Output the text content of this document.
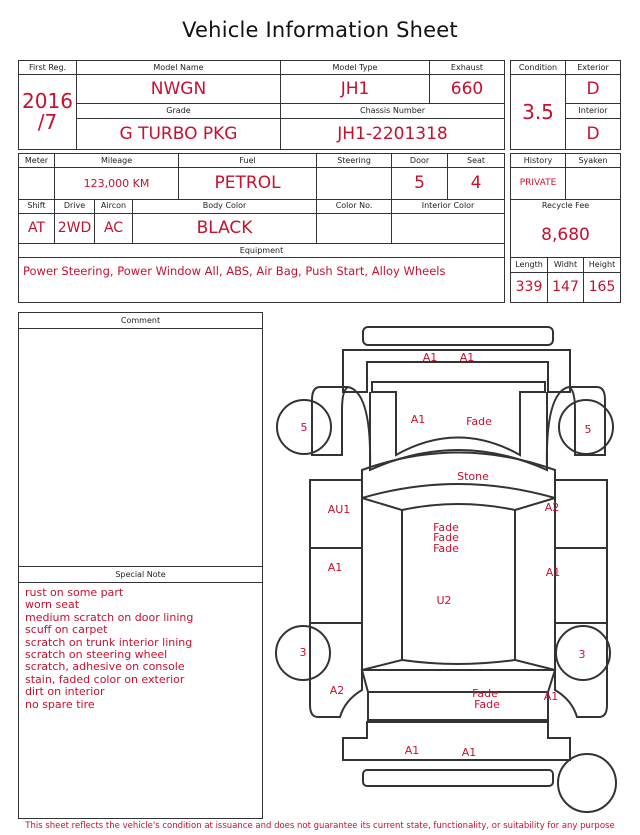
Vehicle Information Sheet
First Reg.	Model Name	Model Type	Exhaust

2016
/7	NWGN	JH1	660
	Grade	Chassis Number	
	G TURBO PKG	JH1-2201318	
Condition	Exterior
3.5	D
	Interior
	D
Meter	Mileage			Fuel	Steering	Door	Seat
	123,000 KM			PETROL		5	4
Shift	Drive	Aircon	Body Color		Color No.	Interior Color	
AT	2WD	AC	BLACK				
Equipment							
Power Steering, Power Window All, ABS, Air Bag, Push Start, Alloy Wheels							
History		Syaken	
PRIVATE			
Recycle Fee			
8,680			
Length	Widht		Height
339	147		165
Comment
Special Note
rust on some part
worn seat
medium scratch on door lining
scuff on carpet
scratch on trunk interior lining
scratch on steering wheel
scratch, adhesive on console
stain, faded color on exterior
dirt on interior
no spare tire
A1 A1
A1	Fade
5	5
Stone
AU1	A2
Fade
Fade
Fade
A1	A1
U2
3	3
A2	A1
Fade
Fade
A1	A1
This sheet reflects the vehicle's condition at issuance and does not guarantee its current state, functionality, or suitability for any purpose
